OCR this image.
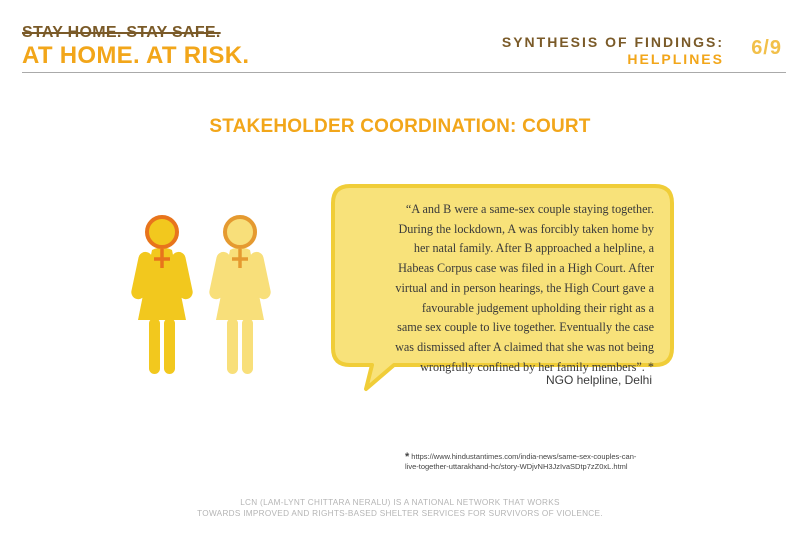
STAY HOME. STAY SAFE.
AT HOME. AT RISK.	SYNTHESIS OF FINDINGS:
HELPLINES 6/9
STAKEHOLDER COORDINATION: COURT
“A and B were a same-sex couple staying together.
During the lockdown, A was forcibly taken home by
her natal family. After B approached a helpline, a
Habeas Corpus case was filed in a High Court. After
virtual and in person hearings, the High Court gave a
favourable judgement upholding their right as a
same sex couple to live together. Eventually the case
was dismissed after A claimed that she was not being
wrongfully confined by her family members”. *
NGO helpline, Delhi
* https://www.hindustantimes.com/india-news/same-sex-couples-can-
live-together-uttarakhand-hc/story-WDjvNH3JzIvaSDtp7zZ0xL.html
LCN (LAM-LYNT CHITTARA NERALU) IS A NATIONAL NETWORK THAT WORKS
TOWARDS IMPROVED AND RIGHTS-BASED SHELTER SERVICES FOR SURVIVORS OF VIOLENCE.
